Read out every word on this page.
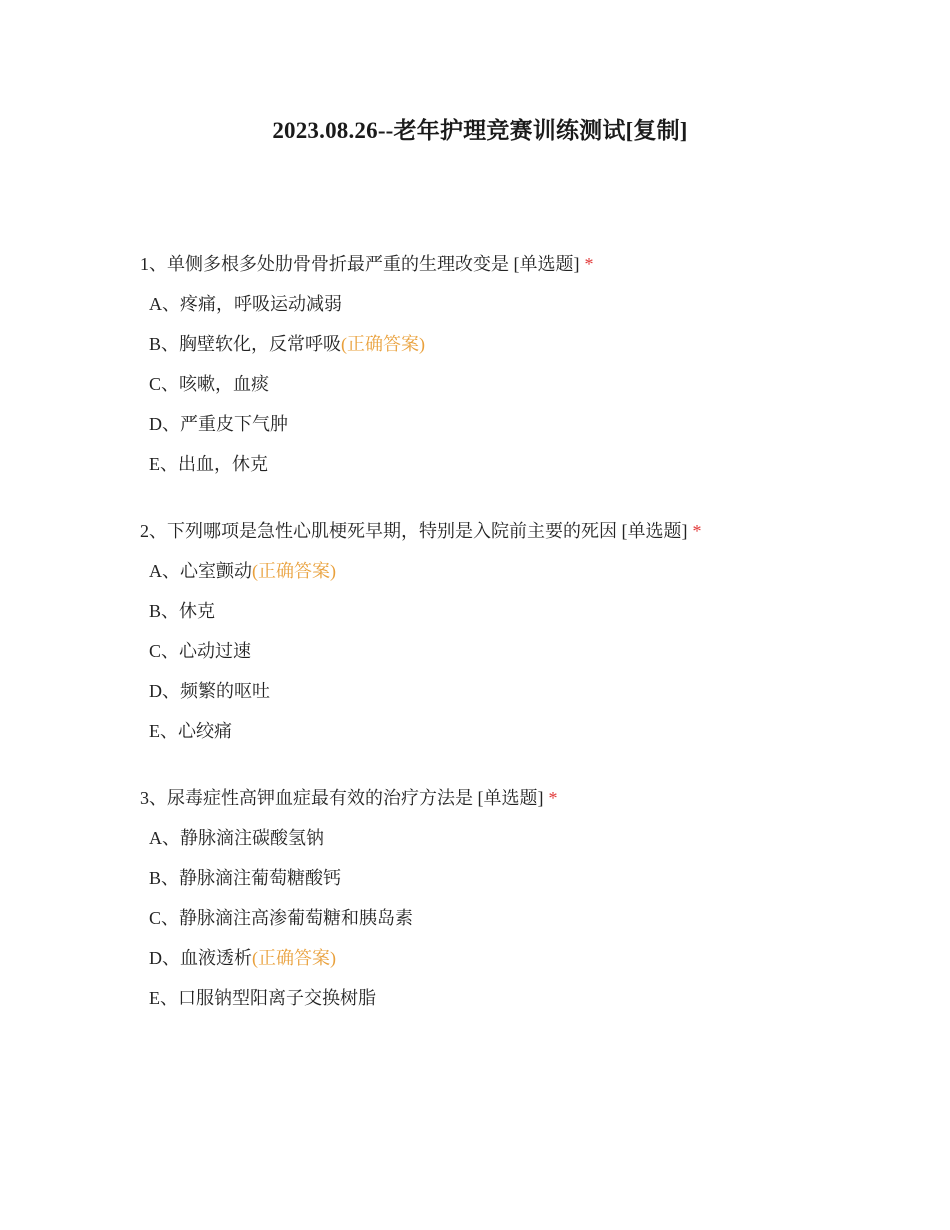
2023.08.26--老年护理竞赛训练测试[复制]
1、单侧多根多处肋骨骨折最严重的生理改变是 [单选题] *
A、疼痛，呼吸运动减弱
B、胸壁软化，反常呼吸(正确答案)
C、咳嗽，血痰
D、严重皮下气肿
E、出血，休克
2、下列哪项是急性心肌梗死早期，特别是入院前主要的死因 [单选题] *
A、心室颤动(正确答案)
B、休克
C、心动过速
D、频繁的呕吐
E、心绞痛
3、尿毒症性高钾血症最有效的治疗方法是 [单选题] *
A、静脉滴注碳酸氢钠
B、静脉滴注葡萄糖酸钙
C、静脉滴注高渗葡萄糖和胰岛素
D、血液透析(正确答案)
E、口服钠型阳离子交换树脂
